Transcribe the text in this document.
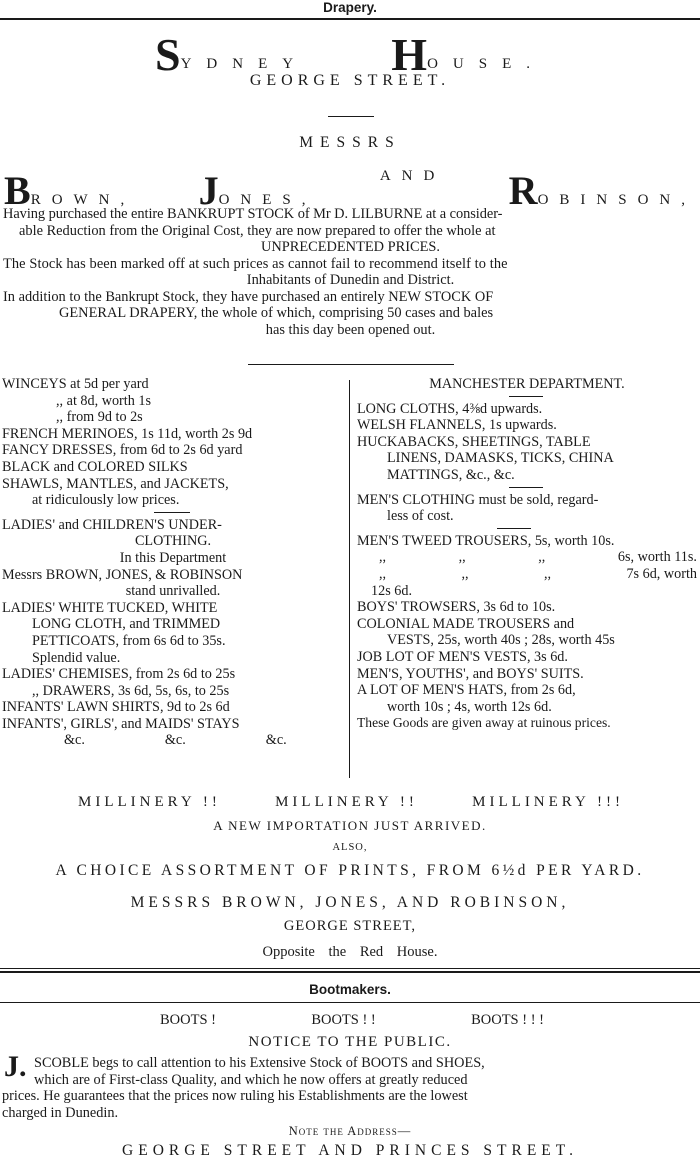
Drapery.
SYDNEY HOUSE.
GEORGE STREET.
MESSRS
BROWN, JONES,
AND ROBINSON,
Having purchased the entire BANKRUPT STOCK of Mr D. LILBURNE at a consider-
able Reduction from the Original Cost, they are now prepared to offer the whole at
UNPRECEDENTED PRICES.
The Stock has been marked off at such prices as cannot fail to recommend itself to the
Inhabitants of Dunedin and District.
In addition to the Bankrupt Stock, they have purchased an entirely NEW STOCK OF
GENERAL DRAPERY, the whole of which, comprising 50 cases and bales
has this day been opened out.
WINCEYS at 5d per yard
,, at 8d, worth 1s
,, from 9d to 2s
FRENCH MERINOES, 1s 11d, worth 2s 9d
FANCY DRESSES, from 6d to 2s 6d yard
BLACK and COLORED SILKS
SHAWLS, MANTLES, and JACKETS,
at ridiculously low prices.
LADIES' and CHILDREN'S UNDER-
CLOTHING.
In this Department
Messrs BROWN, JONES, & ROBINSON
stand unrivalled.
LADIES' WHITE TUCKED, WHITE
LONG CLOTH, and TRIMMED
PETTICOATS, from 6s 6d to 35s.
Splendid value.
LADIES' CHEMISES, from 2s 6d to 25s
,, DRAWERS, 3s 6d, 5s, 6s, to 25s
INFANTS' LAWN SHIRTS, 9d to 2s 6d
INFANTS', GIRLS', and MAIDS' STAYS
&c.	&c.	&c.
MANCHESTER DEPARTMENT.
LONG CLOTHS, 4⅜d upwards.
WELSH FLANNELS, 1s upwards.
HUCKABACKS, SHEETINGS, TABLE
LINENS, DAMASKS, TICKS, CHINA
MATTINGS, &c., &c.
MEN'S CLOTHING must be sold, regard-
less of cost.
MEN'S TWEED TROUSERS, 5s, worth 10s.
,,	,,	,,	6s, worth 11s.
,,	,,	,,	7s 6d, worth
12s 6d.
BOYS' TROWSERS, 3s 6d to 10s.
COLONIAL MADE TROUSERS and
VESTS, 25s, worth 40s ; 28s, worth 45s
JOB LOT OF MEN'S VESTS, 3s 6d.
MEN'S, YOUTHS', and BOYS' SUITS.
A LOT OF MEN'S HATS, from 2s 6d,
worth 10s ; 4s, worth 12s 6d.
These Goods are given away at ruinous prices.
MILLINERY !!	MILLINERY !!	MILLINERY !!!
A NEW IMPORTATION JUST ARRIVED.
ALSO,
A CHOICE ASSORTMENT OF PRINTS, FROM 6½d PER YARD.
MESSRS BROWN, JONES, AND ROBINSON,
GEORGE STREET,
Opposite the Red House.
Bootmakers.
BOOTS !	BOOTS ! !	BOOTS ! ! !
NOTICE TO THE PUBLIC.
J. SCOBLE begs to call attention to his Extensive Stock of BOOTS and SHOES,
which are of First-class Quality, and which he now offers at greatly reduced
prices. He guarantees that the prices now ruling his Establishments are the lowest
charged in Dunedin.
Note the Address—
GEORGE STREET AND PRINCES STREET.
